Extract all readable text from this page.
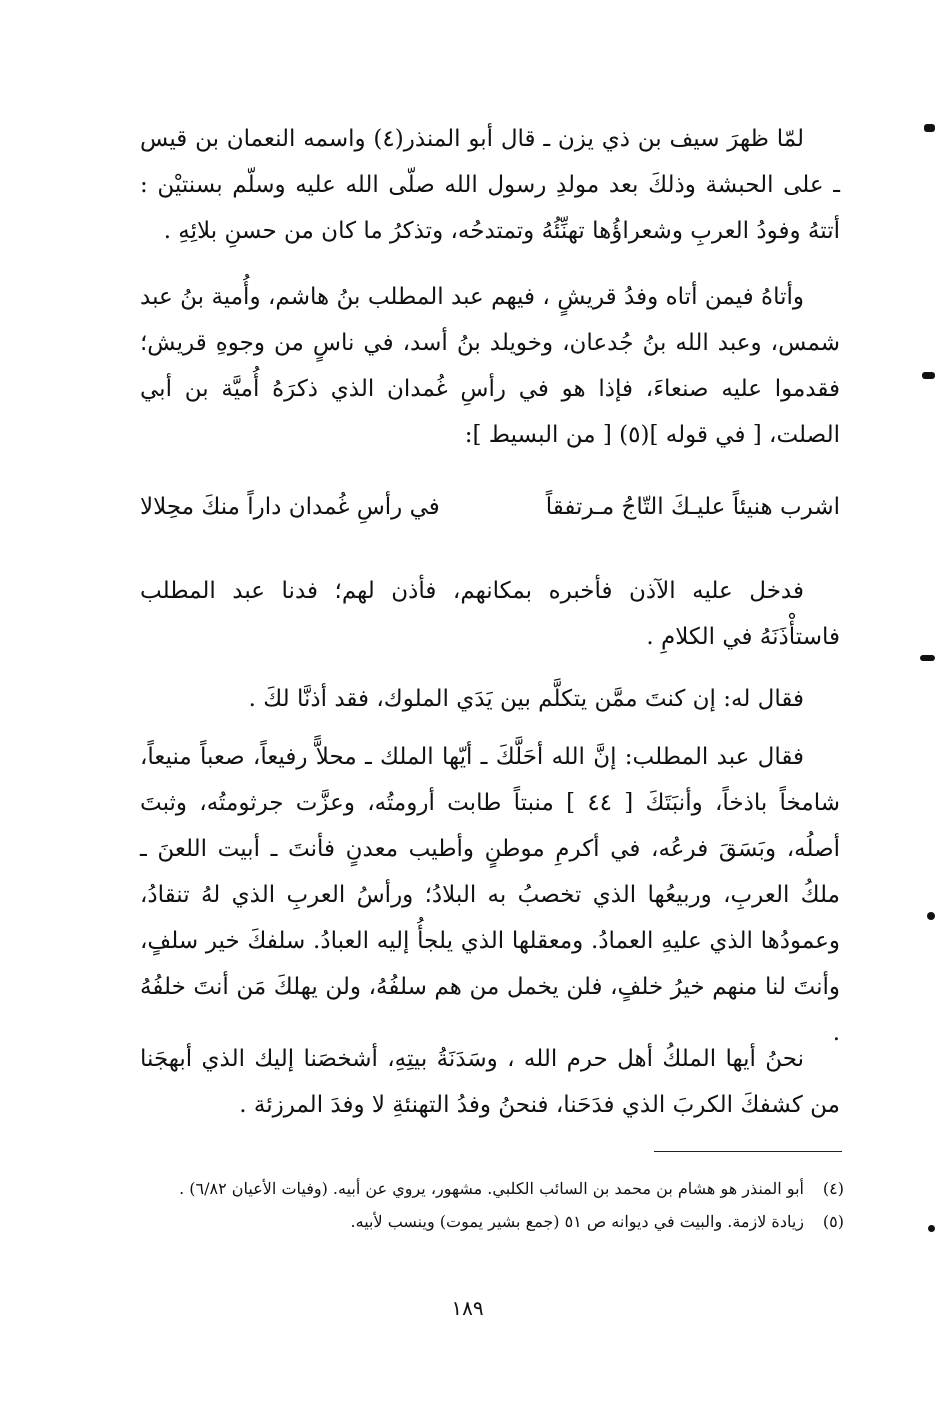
لمّا ظهرَ سيف بن ذي يزن ـ قال أبو المنذر(٤) واسمه النعمان بن قيس ـ على الحبشة وذلكَ بعد مولدِ رسول الله صلّى الله عليه وسلّم بسنتيْن : أتتهُ وفودُ العربِ وشعراؤُها تهنِّئُهُ وتمتدحُه، وتذكرُ ما كان من حسنِ بلائِهِ .

وأتاهُ فيمن أتاه وفدُ قريشٍ ، فيهم عبد المطلب بنُ هاشم، وأُمية بنُ عبد شمس، وعبد الله بنُ جُدعان، وخويلد بنُ أسد، في ناسٍ من وجوهِ قريش؛ فقدموا عليه صنعاءَ، فإذا هو في رأسِ غُمدان الذي ذكرَهُ أُميَّة بن أبي الصلت، [ في قوله ](٥) [ من البسيط ]:

اشرب هنيئاً عليـكَ التّاجُ مـرتفقاً
في رأسِ غُمدان داراً منكَ محِلالا

فدخل عليه الآذن فأخبره بمكانهم، فأذن لهم؛ فدنا عبد المطلب فاستأْذَنَهُ في الكلامِ .

فقال له: إن كنتَ ممَّن يتكلَّم بين يَدَي الملوك، فقد أذنَّا لكَ .

فقال عبد المطلب: إنَّ الله أحَلَّكَ ـ أيّها الملك ـ محلاًّ رفيعاً، صعباً منيعاً، شامخاً باذخاً، وأنبَتَكَ [ ٤٤ ] منبتاً طابت أرومتُه، وعزَّت جرثومتُه، وثبتَ أصلُه، وبَسَقَ فرعُه، في أكرمِ موطنٍ وأطيب معدنٍ فأنتَ ـ أبيت اللعنَ ـ ملكُ العربِ، وربيعُها الذي تخصبُ به البلادُ؛ ورأسُ العربِ الذي لهُ تنقادُ، وعمودُها الذي عليهِ العمادُ. ومعقلها الذي يلجأُ إليه العبادُ. سلفكَ خير سلفٍ، وأنتَ لنا منهم خيرُ خلفٍ، فلن يخمل من هم سلفُهُ، ولن يهلكَ مَن أنتَ خلفُهُ .

نحنُ أيها الملكُ أهل حرم الله ، وسَدَنَةُ بيتِهِ، أشخصَنا إليك الذي أبهجَنا من كشفكَ الكربَ الذي فدَحَنا، فنحنُ وفدُ التهنئةِ لا وفدَ المرزئة .

(٤)
أبو المنذر هو هشام بن محمد بن السائب الكلبي. مشهور، يروي عن أبيه. (وفيات الأعيان ٦/٨٢) .
(٥)
زيادة لازمة. والبيت في ديوانه ص ٥١ (جمع بشير يموت) وينسب لأبيه.
١٨٩
